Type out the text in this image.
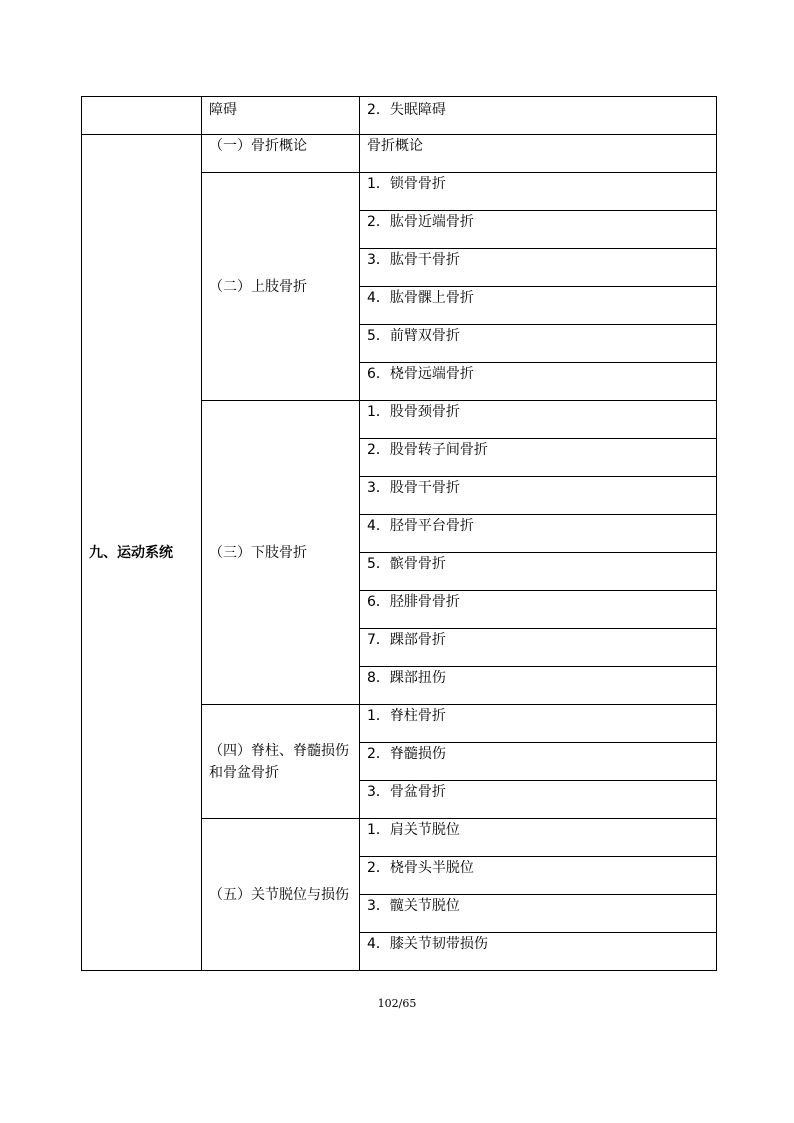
	障碍	2．失眠障碍
九、运动系统	（一）骨折概论	骨折概论
	（二）上肢骨折	1．锁骨骨折
		2．肱骨近端骨折
		3．肱骨干骨折
		4．肱骨髁上骨折
		5．前臂双骨折
		6．桡骨远端骨折
	（三）下肢骨折	1．股骨颈骨折
		2．股骨转子间骨折
		3．股骨干骨折
		4．胫骨平台骨折
		5．髌骨骨折
		6．胫腓骨骨折
		7．踝部骨折
		8．踝部扭伤
	（四）脊柱、脊髓损伤和骨盆骨折	1．脊柱骨折
		2．脊髓损伤
		3．骨盆骨折
	（五）关节脱位与损伤	1．肩关节脱位
		2．桡骨头半脱位
		3．髋关节脱位
		4．膝关节韧带损伤
102/65
